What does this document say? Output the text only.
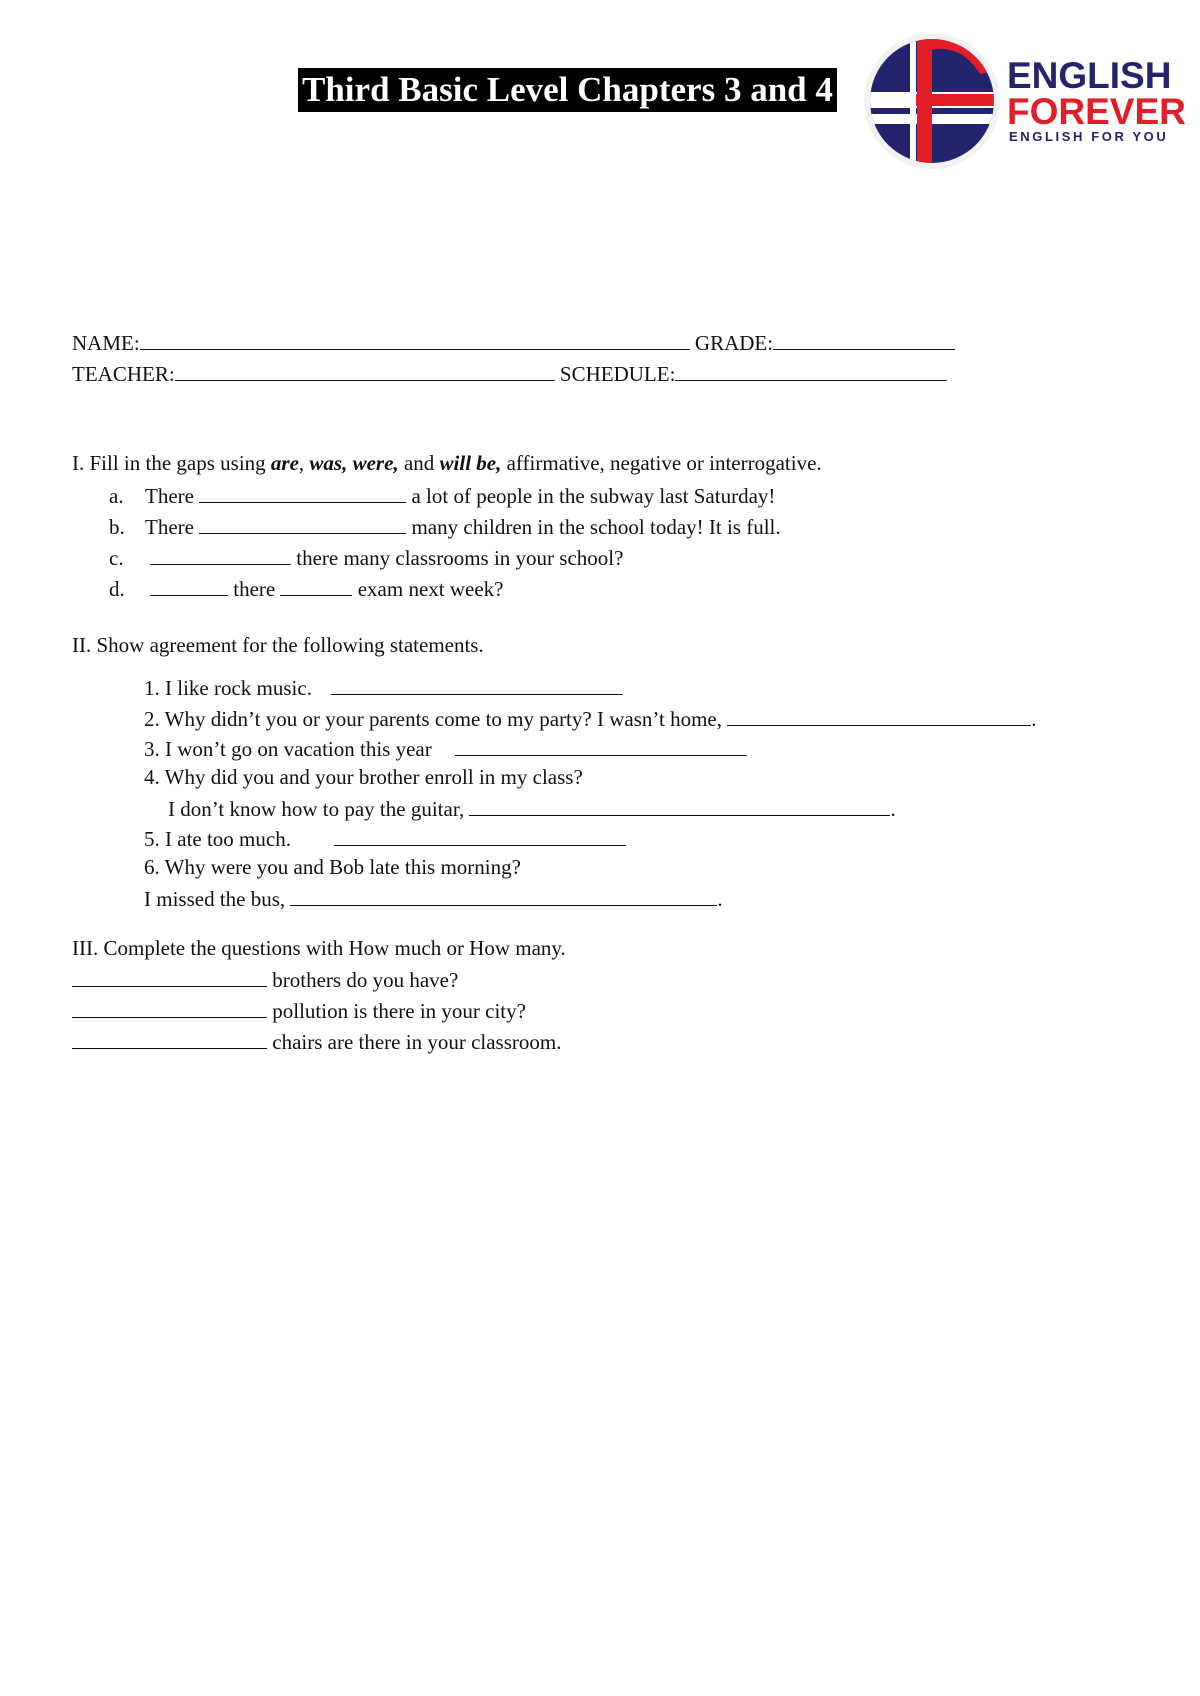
Third Basic Level Chapters 3 and 4	ENGLISH
FOREVER
ENGLISH FOR YOU
NAME:	GRADE:
TEACHER:	SCHEDULE:
I. Fill in the gaps using are, was, were, and will be, affirmative, negative or interrogative.
a. There	a lot of people in the subway last Saturday!
b. There	many children in the school today! It is full.
c.	there many classrooms in your school?
d.	there	exam next week?
II. Show agreement for the following statements.
1. I like rock music.
2. Why didn’t you or your parents come to my party? I wasn’t home,	.
3. I won’t go on vacation this year
4. Why did you and your brother enroll in my class?
I don’t know how to pay the guitar,	.
5. I ate too much.
6. Why were you and Bob late this morning?
I missed the bus,	.
III. Complete the questions with How much or How many.
brothers do you have?
pollution is there in your city?
chairs are there in your classroom.
